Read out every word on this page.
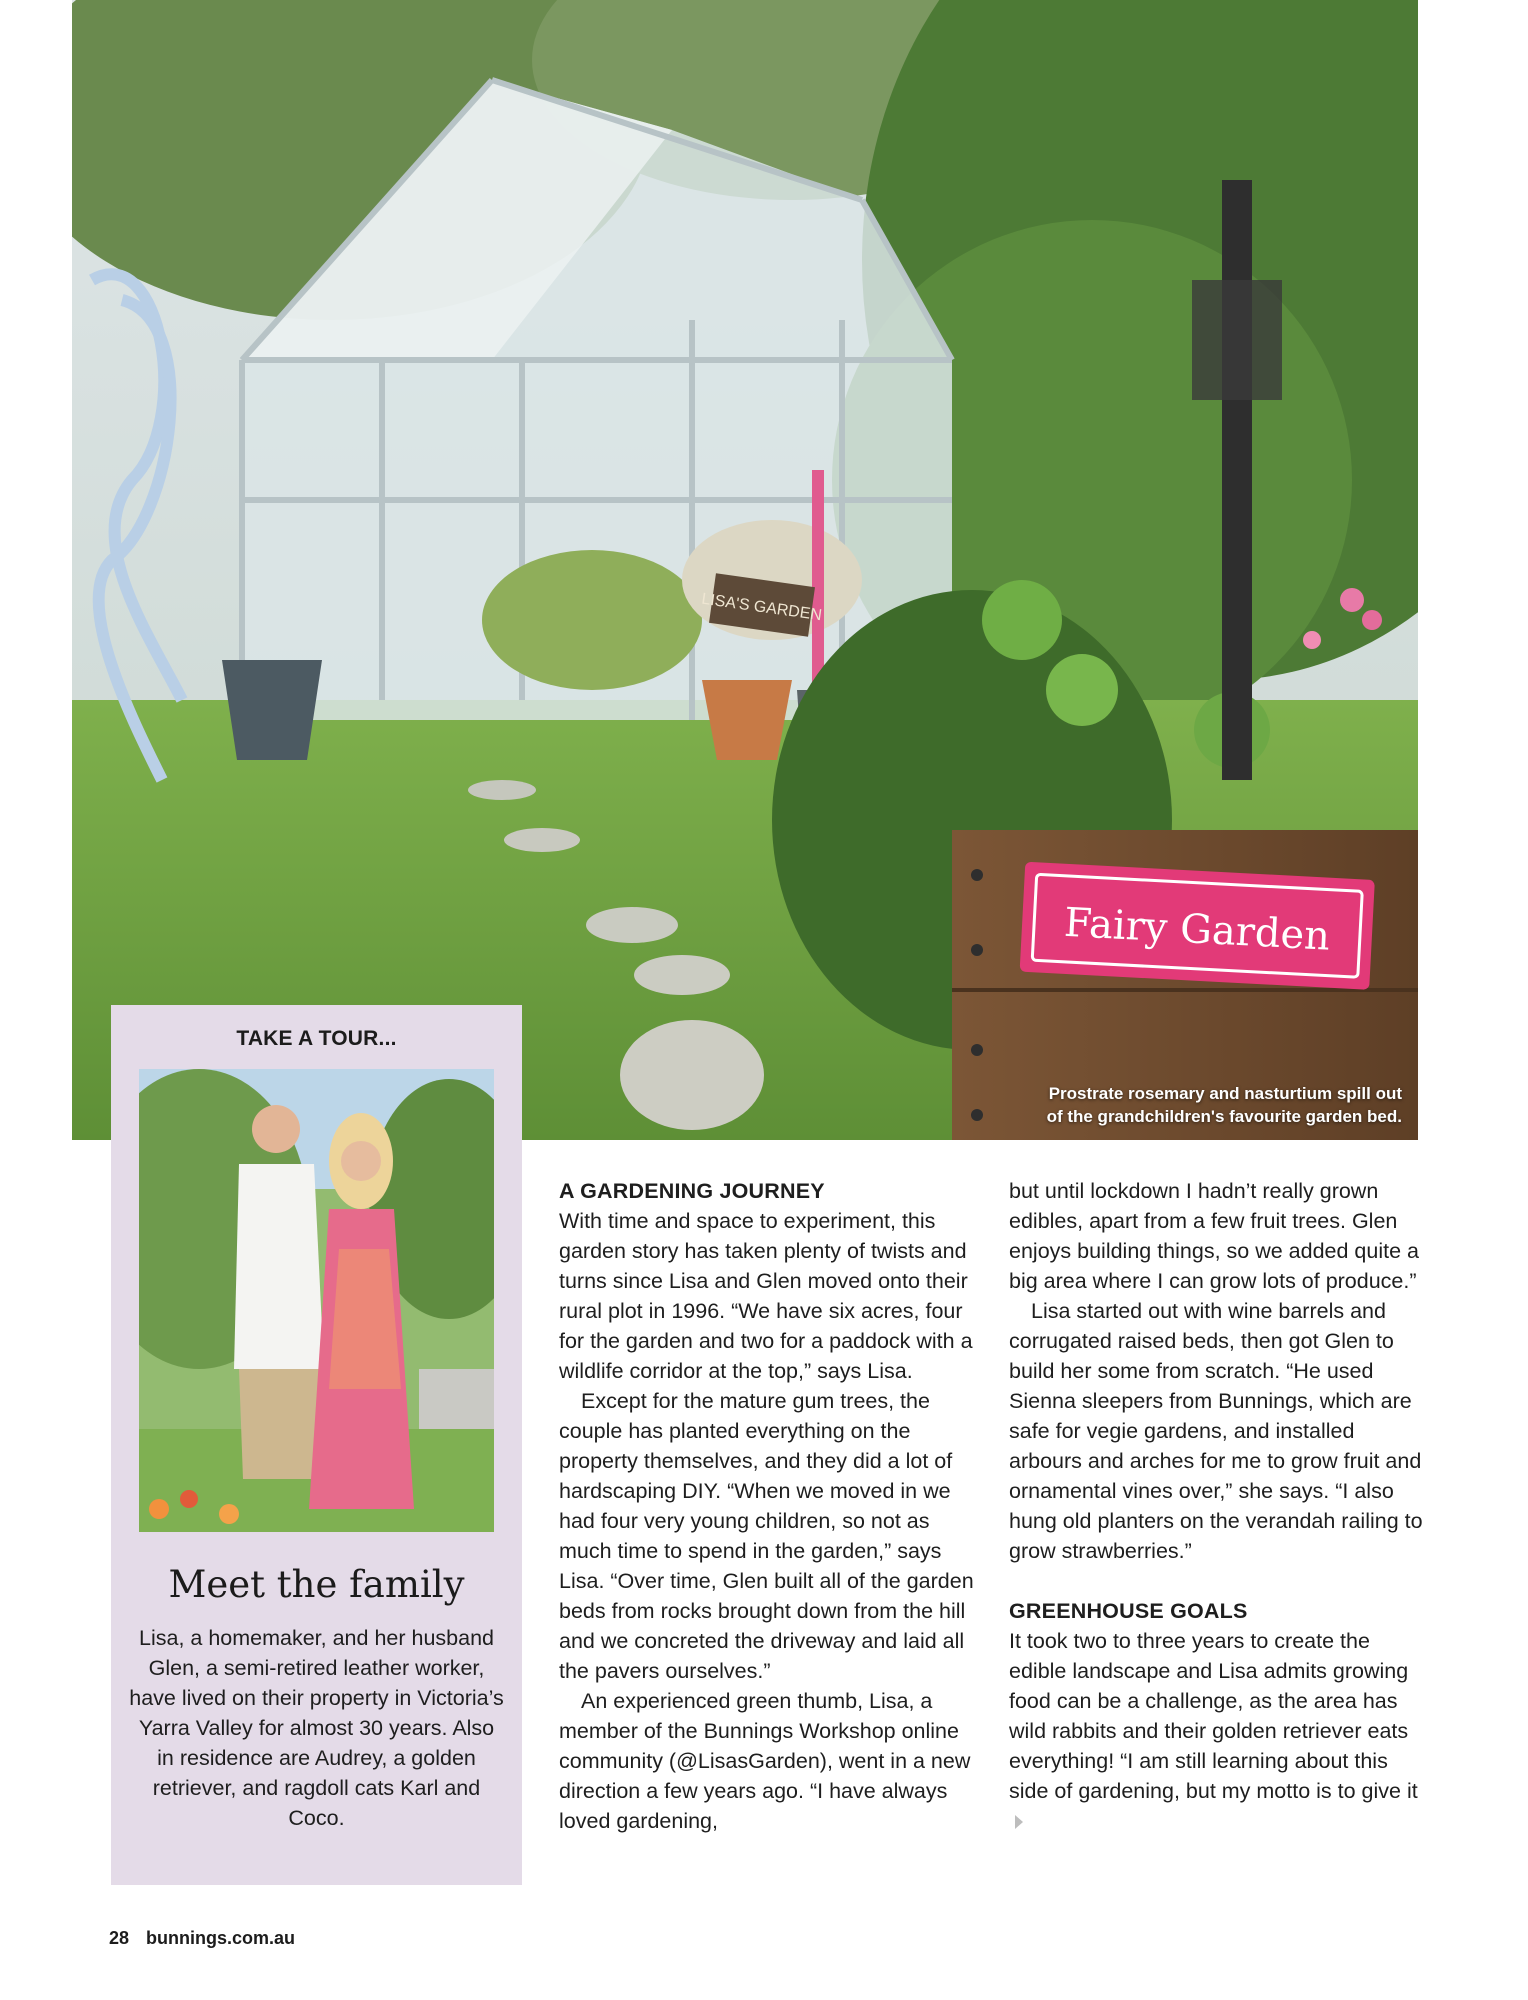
LISA'S GARDEN
Fairy Garden
Prostrate rosemary and nasturtium spill out of the grandchildren's favourite garden bed.
TAKE A TOUR...
Meet the family
Lisa, a homemaker, and her husband Glen, a semi-retired leather worker, have lived on their property in Victoria’s Yarra Valley for almost 30 years. Also in residence are Audrey, a golden retriever, and ragdoll cats Karl and Coco.
A GARDENING JOURNEY

With time and space to experiment, this garden story has taken plenty of twists and turns since Lisa and Glen moved onto their rural plot in 1996. “We have six acres, four for the garden and two for a paddock with a wildlife corridor at the top,” says Lisa.

Except for the mature gum trees, the couple has planted everything on the property themselves, and they did a lot of hardscaping DIY. “When we moved in we had four very young children, so not as much time to spend in the garden,” says Lisa. “Over time, Glen built all of the garden beds from rocks brought down from the hill and we concreted the driveway and laid all the pavers ourselves.”

An experienced green thumb, Lisa, a member of the Bunnings Workshop online community (@LisasGarden), went in a new direction a few years ago. “I have always loved gardening,

but until lockdown I hadn’t really grown edibles, apart from a few fruit trees. Glen enjoys building things, so we added quite a big area where I can grow lots of produce.”

Lisa started out with wine barrels and corrugated raised beds, then got Glen to build her some from scratch. “He used Sienna sleepers from Bunnings, which are safe for vegie gardens, and installed arbours and arches for me to grow fruit and ornamental vines over,” she says. “I also hung old planters on the verandah railing to grow strawberries.”

GREENHOUSE GOALS

It took two to three years to create the edible landscape and Lisa admits growing food can be a challenge, as the area has wild rabbits and their golden retriever eats everything! “I am still learning about this side of gardening, but my motto is to give it

28 bunnings.com.au
